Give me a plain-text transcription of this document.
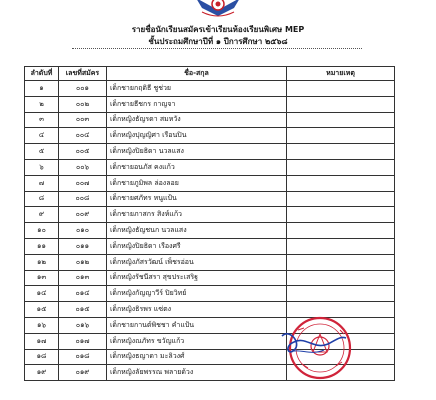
รายชื่อนักเรียนสมัครเข้าเรียนห้องเรียนพิเศษ MEP
ชั้นประถมศึกษาปีที่ ๑ ปีการศึกษา ๒๕๖๘
ลำดับที่	เลขที่สมัคร	ชื่อ-สกุล	หมายเหตุ
๑	๐๐๑	เด็กชายกฤติธี ชูช่วย	
๒	๐๐๒	เด็กชายธีชกร กาญจา	
๓	๐๐๓	เด็กหญิงธัญรดา สมหวัง	
๔	๐๐๔	เด็กหญิงปุญญิศา เรือนปิน	
๕	๐๐๕	เด็กหญิงปิยธิดา นวลแสง	
๖	๐๐๖	เด็กชายอนภัส คงแก้ว	
๗	๐๐๗	เด็กชายภูมิพล ล่องลอย	
๘	๐๐๘	เด็กชายศภัทร หนูแป้น	
๙	๐๐๙	เด็กชายภาสกร สิงห์แก้ว	
๑๐	๐๑๐	เด็กหญิงธัญชนก นวลแสง	
๑๑	๐๑๑	เด็กหญิงปิยธิดา เรืองศรี	
๑๒	๐๑๒	เด็กหญิงภัสรวัฒน์ เพ็ชรอ่อน	
๑๓	๐๑๓	เด็กหญิงรัชนีสรา สุขประเสริฐ	
๑๔	๐๑๔	เด็กหญิงกัญญาวีร์ ปิยวิทย์	
๑๕	๐๑๕	เด็กหญิงธิรพร แซ่ตง	
๑๖	๐๑๖	เด็กชายกานต์พิชชา คำแป้น	
๑๗	๐๑๗	เด็กหญิงณภัทร ขวัญแก้ว	
๑๘	๐๑๘	เด็กหญิงธญาดา มะลิวงศ์	
๑๙	๐๑๙	เด็กหญิงลัยพรรณ พลายด้วง	
